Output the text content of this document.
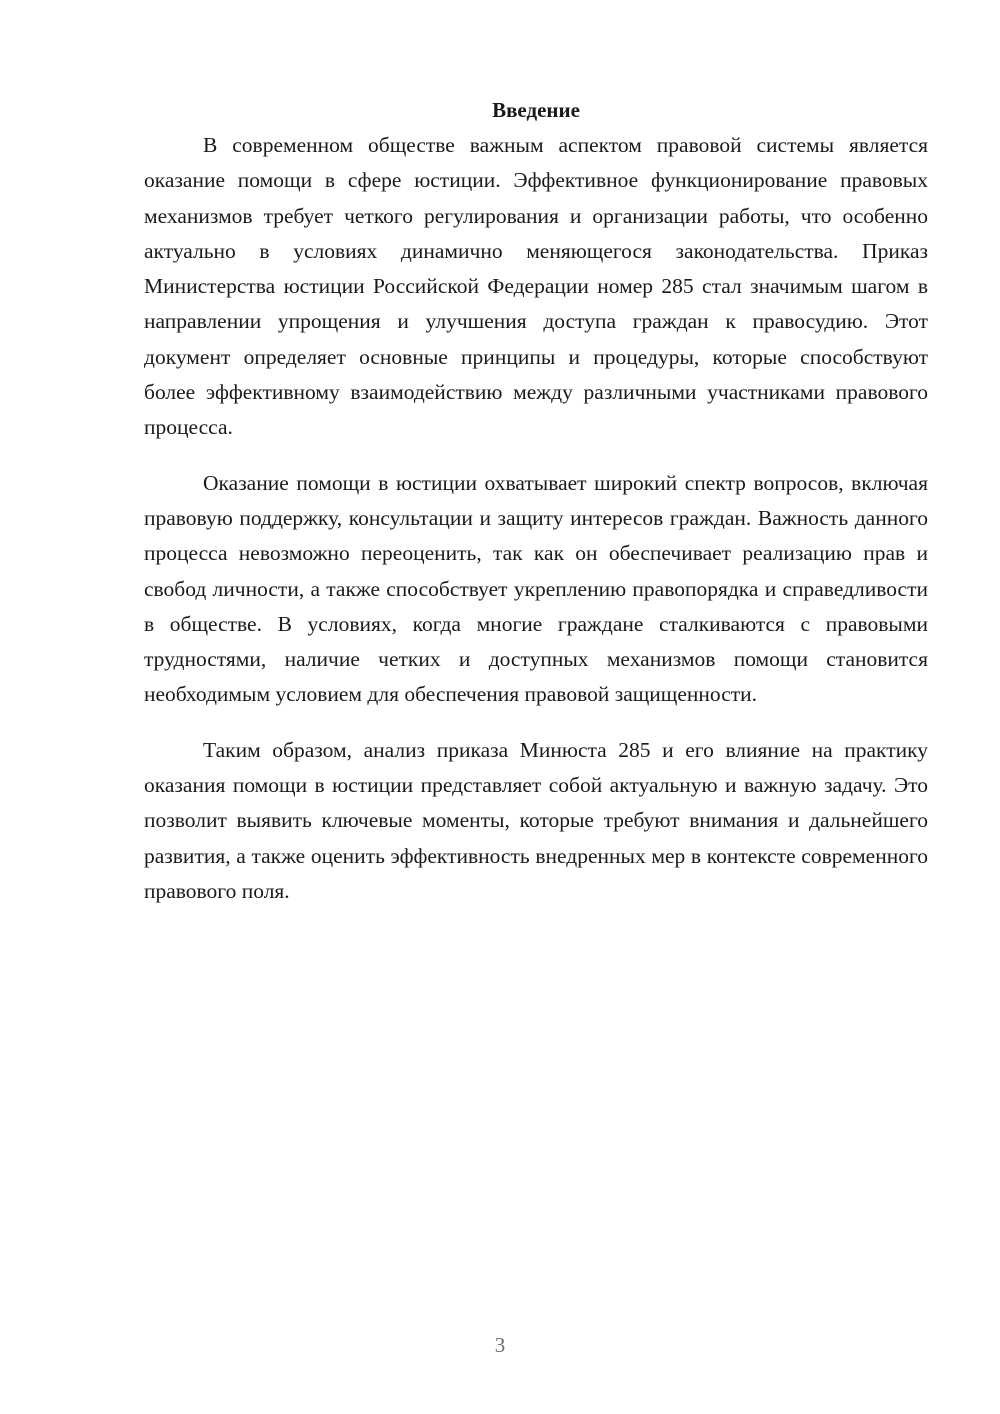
Введение

В современном обществе важным аспектом правовой системы является оказание помощи в сфере юстиции. Эффективное функционирование правовых механизмов требует четкого регулирования и организации работы, что особенно актуально в условиях динамично меняющегося законодательства. Приказ Министерства юстиции Российской Федерации номер 285 стал значимым шагом в направлении упрощения и улучшения доступа граждан к правосудию. Этот документ определяет основные принципы и процедуры, которые способствуют более эффективному взаимодействию между различными участниками правового процесса.

Оказание помощи в юстиции охватывает широкий спектр вопросов, включая правовую поддержку, консультации и защиту интересов граждан. Важность данного процесса невозможно переоценить, так как он обеспечивает реализацию прав и свобод личности, а также способствует укреплению правопорядка и справедливости в обществе. В условиях, когда многие граждане сталкиваются с правовыми трудностями, наличие четких и доступных механизмов помощи становится необходимым условием для обеспечения правовой защищенности.

Таким образом, анализ приказа Минюста 285 и его влияние на практику оказания помощи в юстиции представляет собой актуальную и важную задачу. Это позволит выявить ключевые моменты, которые требуют внимания и дальнейшего развития, а также оценить эффективность внедренных мер в контексте современного правового поля.

3
